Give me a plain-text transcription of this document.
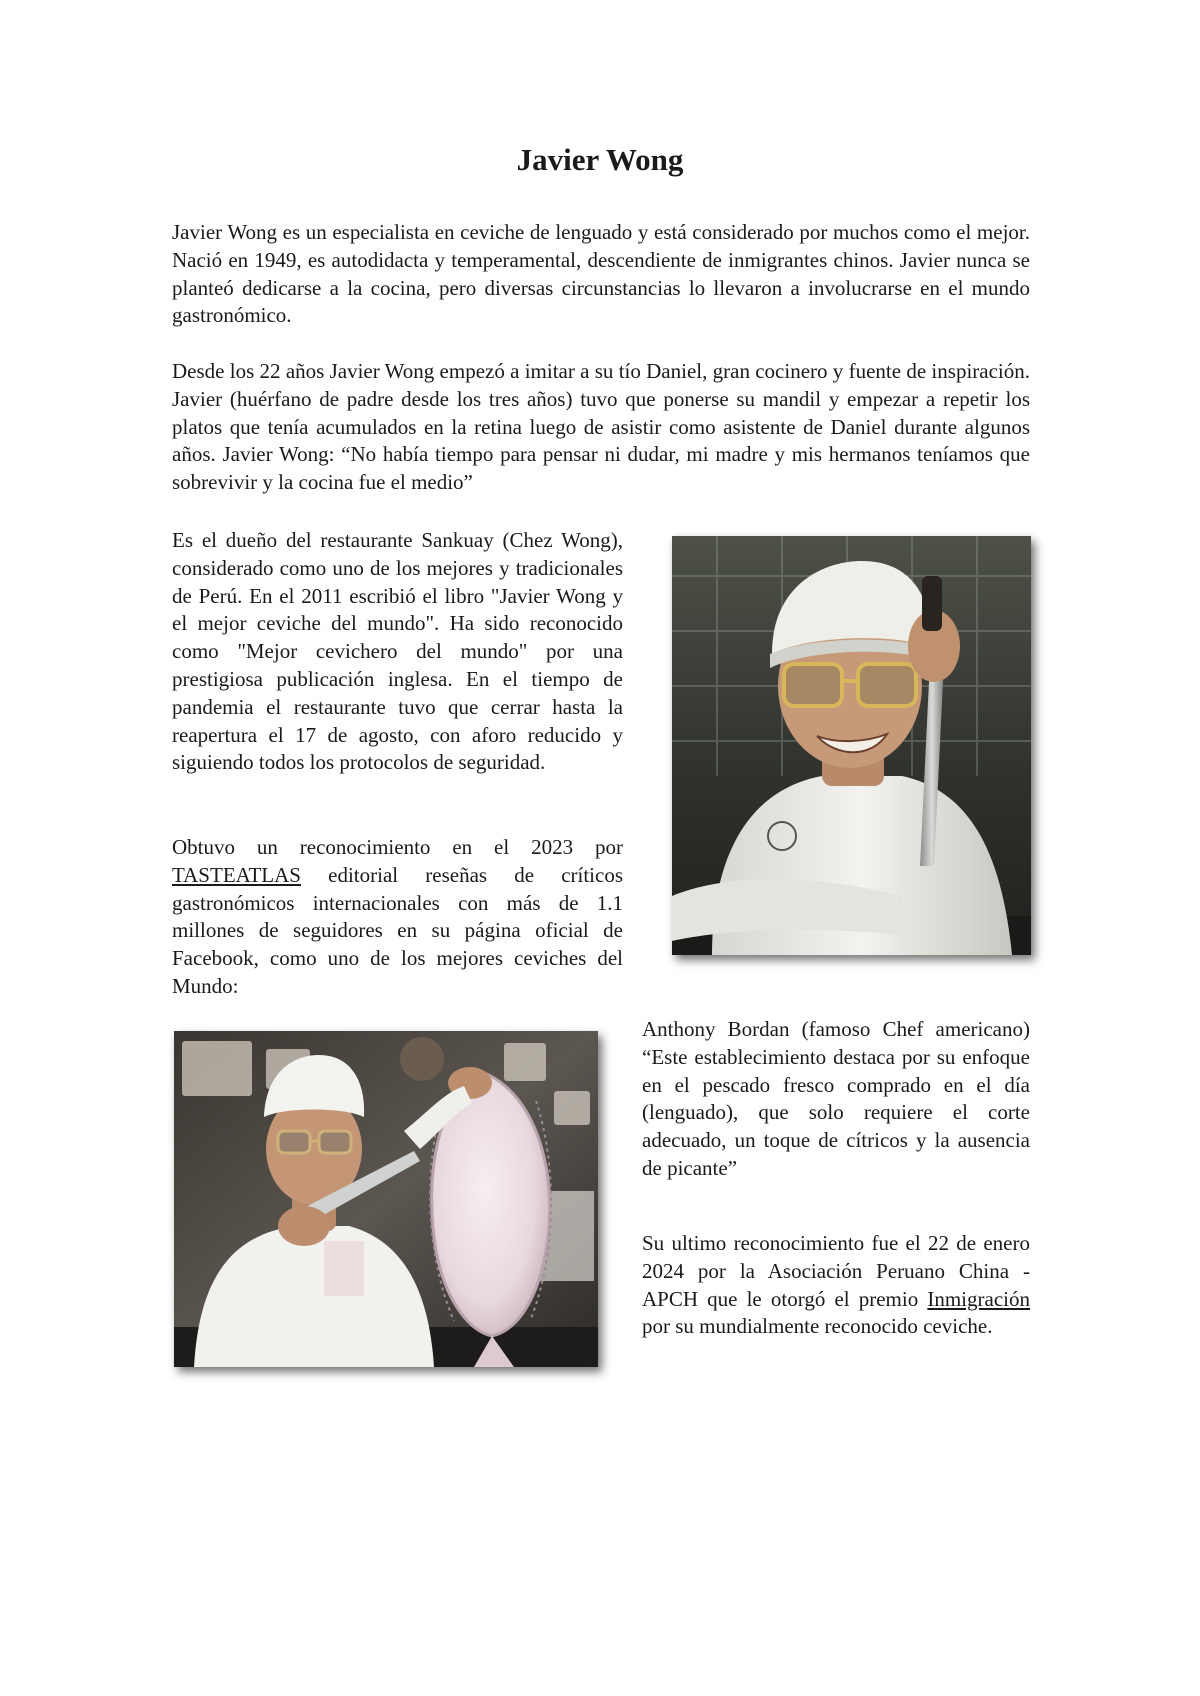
Javier Wong

Javier Wong es un especialista en ceviche de lenguado y está considerado por muchos como el mejor. Nació en 1949, es autodidacta y temperamental, descendiente de inmigrantes chinos. Javier nunca se planteó dedicarse a la cocina, pero diversas circunstancias lo llevaron a involucrarse en el mundo gastronómico.

Desde los 22 años Javier Wong empezó a imitar a su tío Daniel, gran cocinero y fuente de inspiración. Javier (huérfano de padre desde los tres años) tuvo que ponerse su mandil y empezar a repetir los platos que tenía acumulados en la retina luego de asistir como asistente de Daniel durante algunos años. Javier Wong: “No había tiempo para pensar ni dudar, mi madre y mis hermanos teníamos que sobrevivir y la cocina fue el medio”

Es el dueño del restaurante Sankuay (Chez Wong), considerado como uno de los mejores y tradicionales de Perú. En el 2011 escribió el libro "Javier Wong y el mejor ceviche del mundo". Ha sido reconocido como "Mejor cevichero del mundo" por una prestigiosa publicación inglesa. En el tiempo de pandemia el restaurante tuvo que cerrar hasta la reapertura el 17 de agosto, con aforo reducido y siguiendo todos los protocolos de seguridad.

Obtuvo un reconocimiento en el 2023 por TASTEATLAS editorial reseñas de críticos gastronómicos internacionales con más de 1.1 millones de seguidores en su página oficial de Facebook, como uno de los mejores ceviches del Mundo:

Anthony Bordan (famoso Chef americano) “Este establecimiento destaca por su enfoque en el pescado fresco comprado en el día (lenguado), que solo requiere el corte adecuado, un toque de cítricos y la ausencia de picante”

Su ultimo reconocimiento fue el 22 de enero 2024 por la Asociación Peruano China - APCH que le otorgó el premio Inmigración por su mundialmente reconocido ceviche.
